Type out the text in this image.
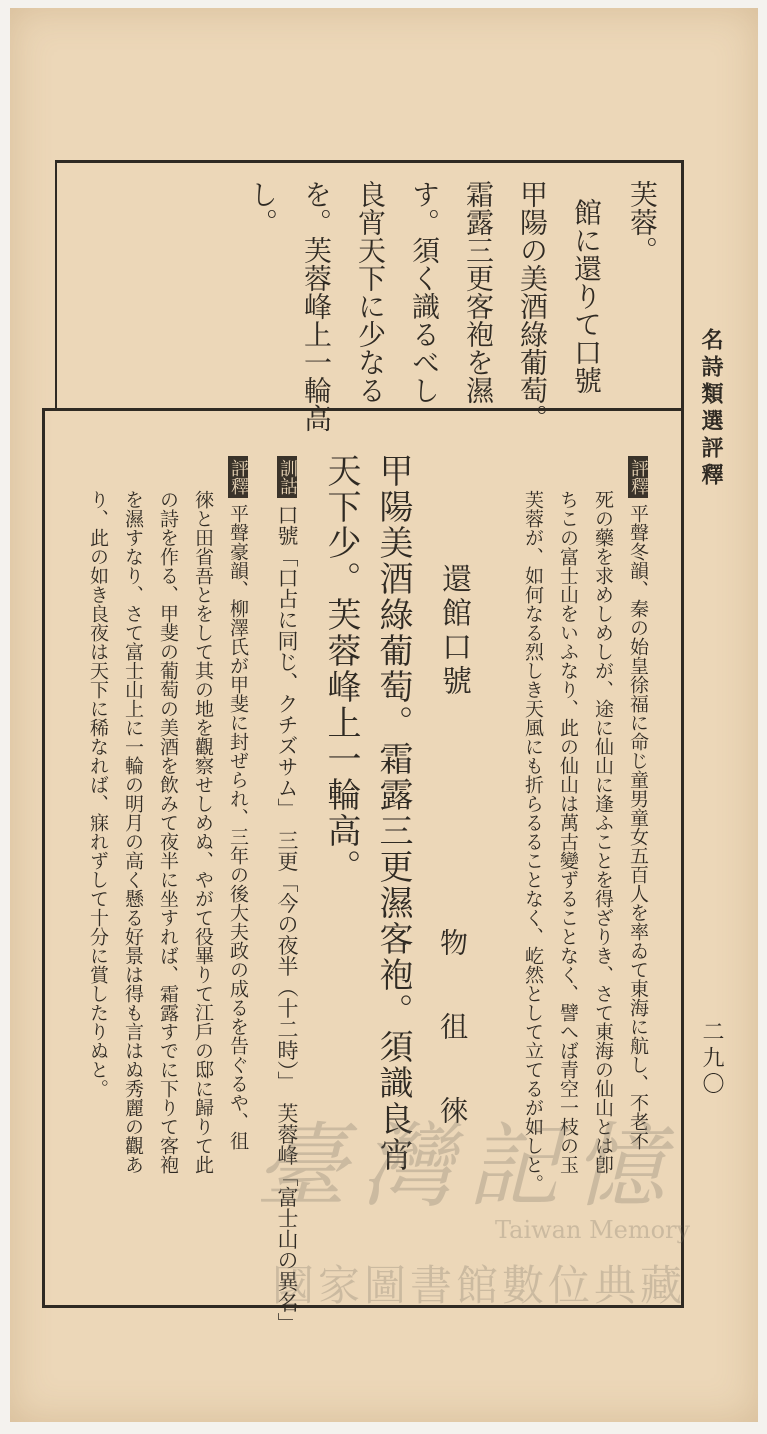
名詩類選評釋
二九〇
芙蓉。
館に還りて口號
甲陽の美酒綠葡萄。
霜露三更客袍を濕
す。須く識るべし
良宵天下に少なる
を。芙蓉峰上一輪高
し。
評釋平聲冬韻、秦の始皇徐福に命じ童男童女五百人を率ゐて東海に航し、不老不
死の藥を求めしめしが、途に仙山に逢ふことを得ざりき、さて東海の仙山とは卽
ちこの富士山をいふなり、此の仙山は萬古變ずることなく、譬へば青空一枝の玉
芙蓉が、如何なる烈しき天風にも折らるることなく、屹然として立てるが如しと。
還館口號
物　徂　徠
甲陽美酒綠葡萄。霜露三更濕客袍。須識良宵
天下少。芙蓉峰上一輪高。
訓詁口號「口占に同じ、クチズサム」　三更「今の夜半（十二時）」　芙蓉峰「富士山の異名」
評釋平聲豪韻、柳澤氏が甲斐に封ぜられ、三年の後大夫政の成るを告ぐるや、徂
徠と田省吾とをして其の地を觀察せしめぬ、やがて役畢りて江戶の邸に歸りて此
の詩を作る、甲斐の葡萄の美酒を飲みて夜半に坐すれば、霜露すでに下りて客袍
を濕すなり、さて富士山上に一輪の明月の高く懸る好景は得も言はぬ秀麗の觀あ
り、此の如き良夜は天下に稀なれば、寐れずして十分に賞したりぬと。
臺灣記憶
Taiwan Memory
國家圖書館數位典藏
